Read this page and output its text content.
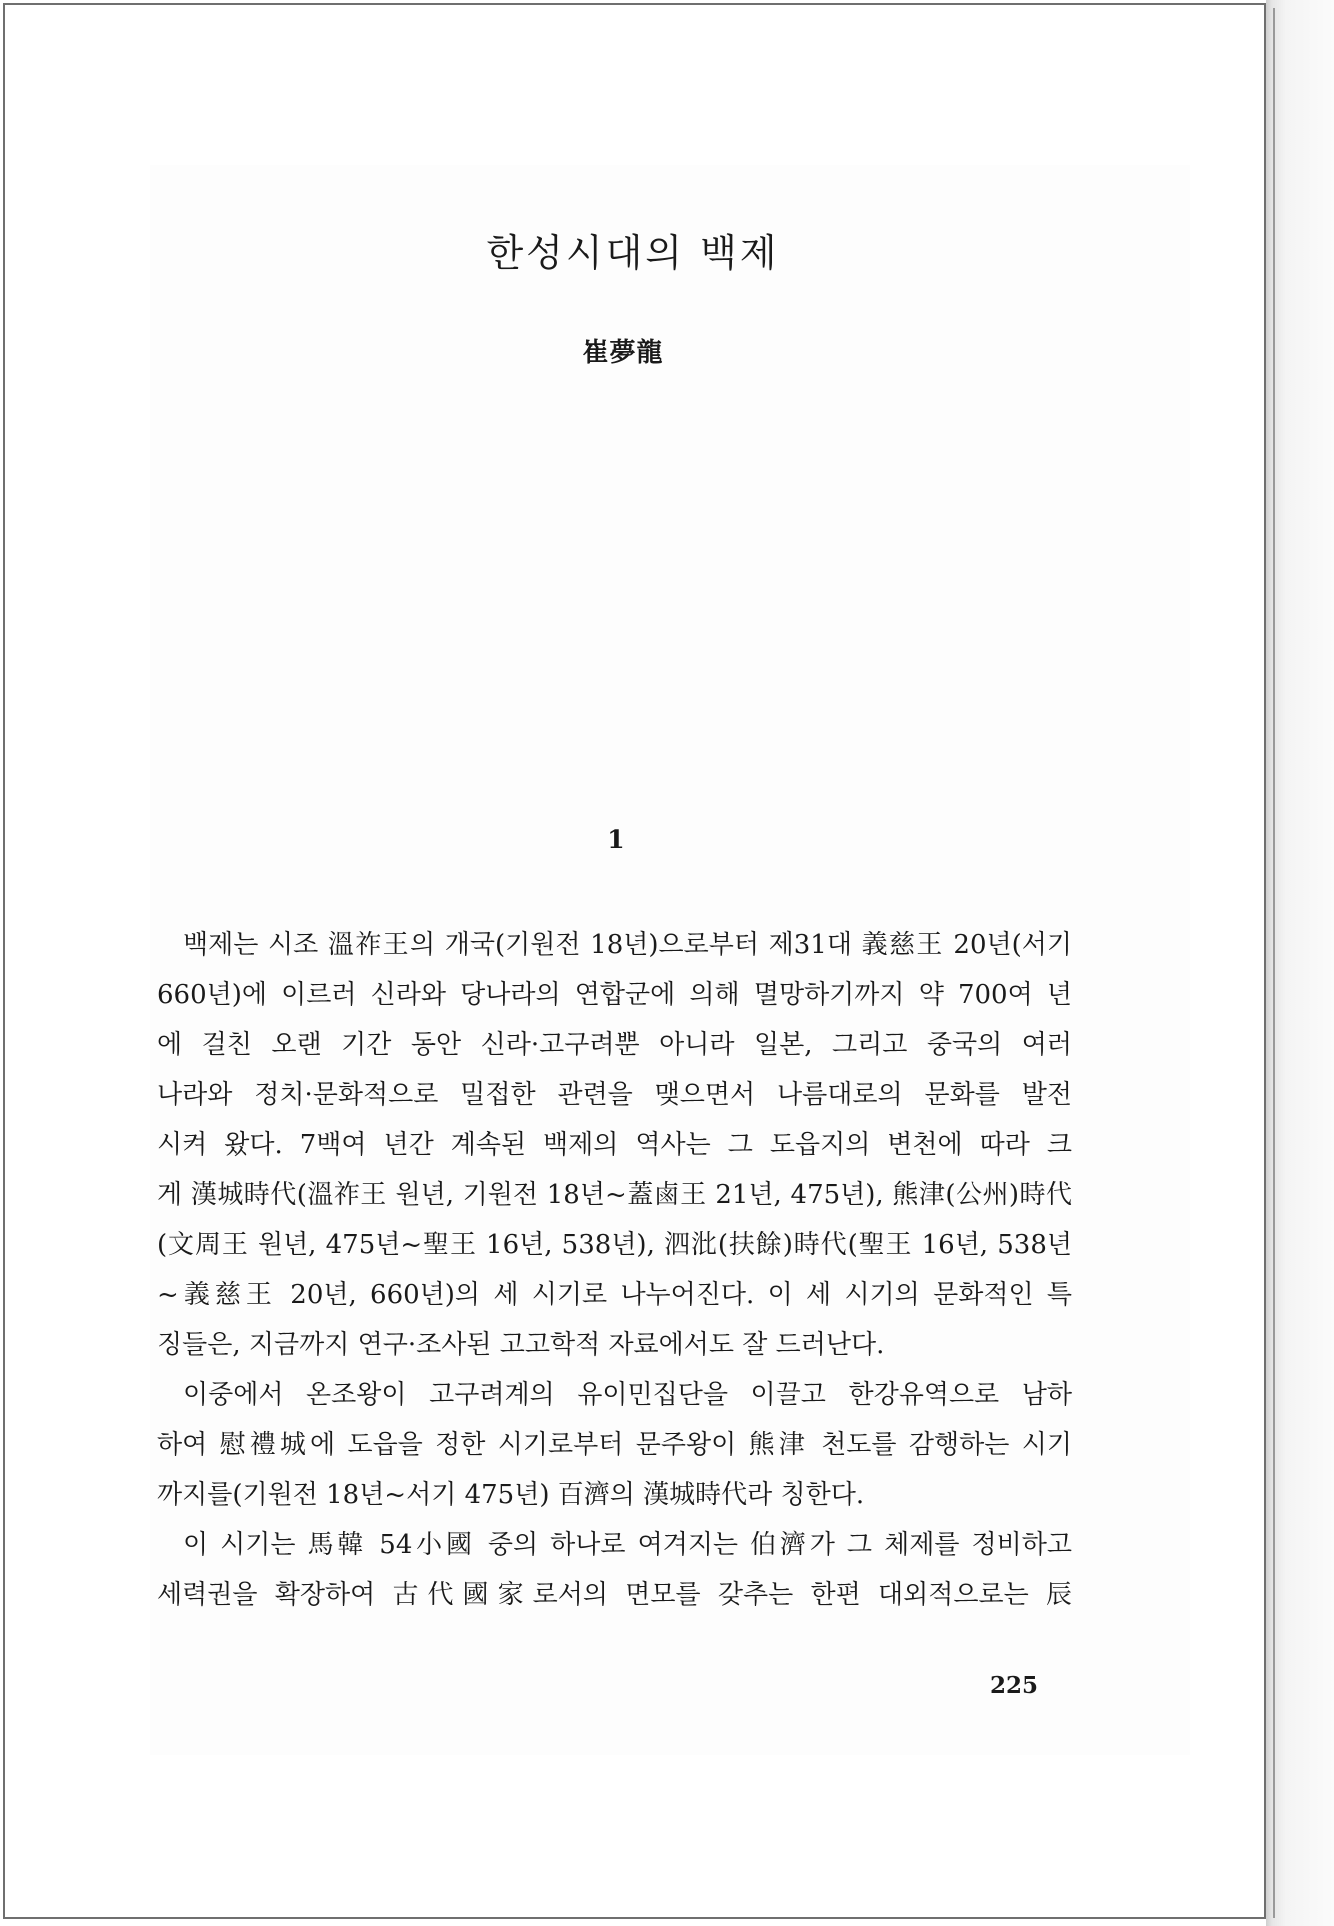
한성시대의 백제
崔夢龍
1
백제는 시조 溫祚王의 개국(기원전 18년)으로부터 제31대 義慈王 20년(서기
660년)에 이르러 신라와 당나라의 연합군에 의해 멸망하기까지 약 700여 년
에 걸친 오랜 기간 동안 신라·고구려뿐 아니라 일본, 그리고 중국의 여러
나라와 정치·문화적으로 밀접한 관련을 맺으면서 나름대로의 문화를 발전
시켜 왔다. 7백여 년간 계속된 백제의 역사는 그 도읍지의 변천에 따라 크
게 漢城時代(溫祚王 원년, 기원전 18년~蓋鹵王 21년, 475년), 熊津(公州)時代
(文周王 원년, 475년~聖王 16년, 538년), 泗沘(扶餘)時代(聖王 16년, 538년
~義慈王 20년, 660년)의 세 시기로 나누어진다. 이 세 시기의 문화적인 특
징들은, 지금까지 연구·조사된 고고학적 자료에서도 잘 드러난다.
이중에서 온조왕이 고구려계의 유이민집단을 이끌고 한강유역으로 남하
하여 慰禮城에 도읍을 정한 시기로부터 문주왕이 熊津 천도를 감행하는 시기
까지를(기원전 18년~서기 475년) 百濟의 漢城時代라 칭한다.
이 시기는 馬韓 54小國 중의 하나로 여겨지는 伯濟가 그 체제를 정비하고
세력권을 확장하여 古代國家로서의 면모를 갖추는 한편 대외적으로는 辰
225
